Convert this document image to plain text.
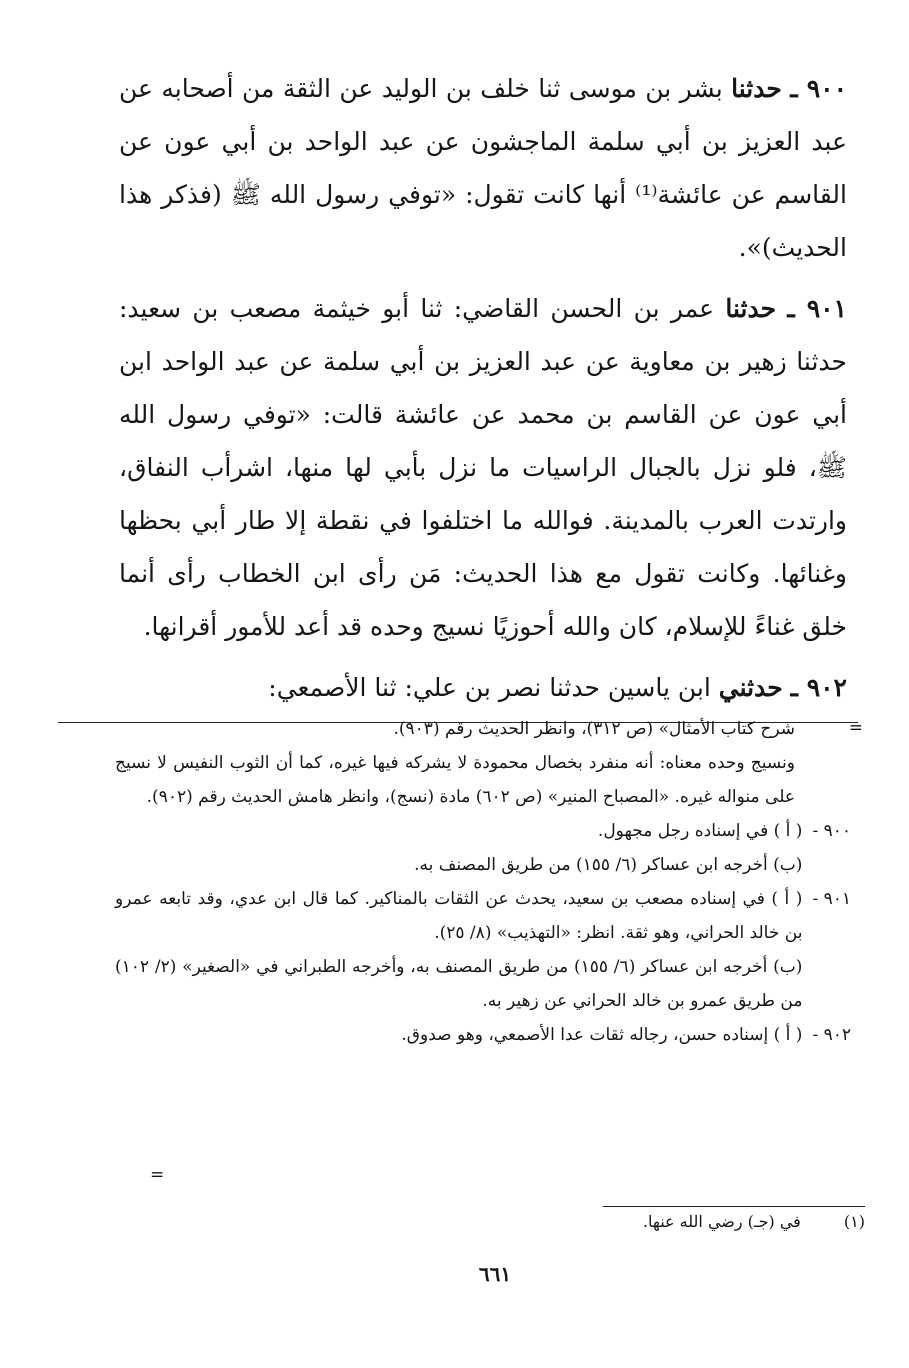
٩٠٠ ـ حدثنا بشر بن موسى ثنا خلف بن الوليد عن الثقة من أصحابه عن عبد العزيز بن أبي سلمة الماجشون عن عبد الواحد بن أبي عون عن القاسم عن عائشة⁽¹⁾ أنها كانت تقول: «توفي رسول الله ﷺ (فذكر هذا الحديث)».

٩٠١ ـ حدثنا عمر بن الحسن القاضي: ثنا أبو خيثمة مصعب بن سعيد: حدثنا زهير بن معاوية عن عبد العزيز بن أبي سلمة عن عبد الواحد ابن أبي عون عن القاسم بن محمد عن عائشة قالت: «توفي رسول الله ﷺ، فلو نزل بالجبال الراسيات ما نزل بأبي لها منها، اشرأب النفاق، وارتدت العرب بالمدينة. فوالله ما اختلفوا في نقطة إلا طار أبي بحظها وغنائها. وكانت تقول مع هذا الحديث: مَن رأى ابن الخطاب رأى أنما خلق غناءً للإسلام، كان والله أحوزيًا نسيج وحده قد أعد للأمور أقرانها.

٩٠٢ ـ حدثني ابن ياسين حدثنا نصر بن علي: ثنا الأصمعي:

=

شرح كتاب الأمثال» (ص ٣١٢)، وانظر الحديث رقم (٩٠٣).

ونسيج وحده معناه: أنه منفرد بخصال محمودة لا يشركه فيها غيره، كما أن الثوب النفيس لا نسيج على منواله غيره. «المصباح المنير» (ص ٦٠٢) مادة (نسج)، وانظر هامش الحديث رقم (٩٠٢).

٩٠٠ -

( أ ) في إسناده رجل مجهول.

(ب) أخرجه ابن عساكر (٦/ ١٥٥) من طريق المصنف به.

٩٠١ -

( أ ) في إسناده مصعب بن سعيد، يحدث عن الثقات بالمناكير. كما قال ابن عدي، وقد تابعه عمرو بن خالد الحراني، وهو ثقة. انظر: «التهذيب» (٨/ ٢٥).

(ب) أخرجه ابن عساكر (٦/ ١٥٥) من طريق المصنف به، وأخرجه الطبراني في «الصغير» (٢/ ١٠٢) من طريق عمرو بن خالد الحراني عن زهير به.

٩٠٢ -

( أ ) إسناده حسن، رجاله ثقات عدا الأصمعي، وهو صدوق.

=
(١) في (جـ) رضي الله عنها.
٦٦١
